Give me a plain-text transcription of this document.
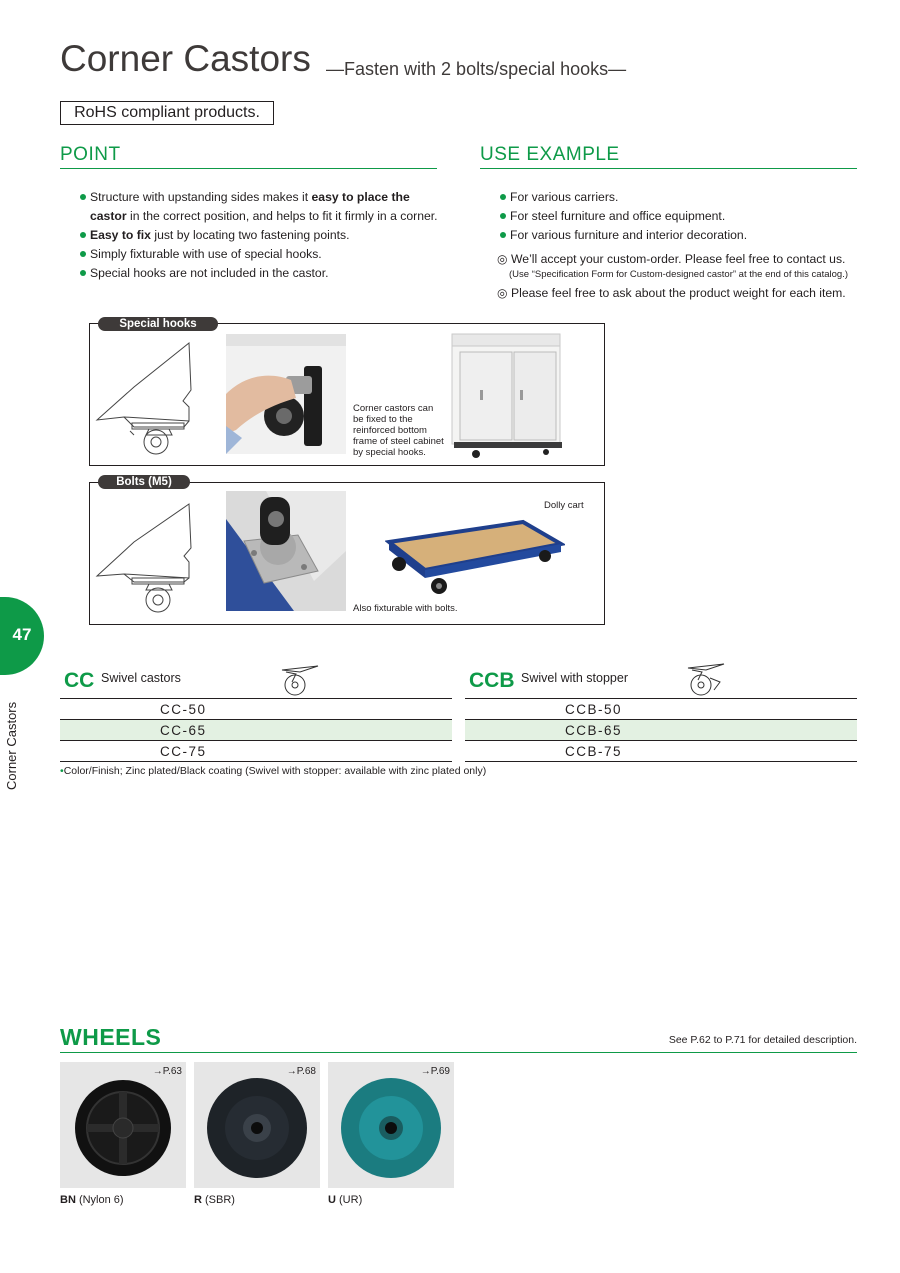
Corner Castors —Fasten with 2 bolts/special hooks—
RoHS compliant products.
POINT
Structure with upstanding sides makes it easy to place the castor in the correct position, and helps to fit it firmly in a corner.
Easy to fix just by locating two fastening points.
Simply fixturable with use of special hooks.
Special hooks are not included in the castor.
USE EXAMPLE
For various carriers.
For steel furniture and office equipment.
For various furniture and interior decoration.
◎ We’ll accept your custom-order. Please feel free to contact us.
(Use “Specification Form for Custom-designed castor” at the end of this catalog.)
◎ Please feel free to ask about the product weight for each item.
Special hooks
Corner castors can
be fixed to the
reinforced bottom
frame of steel cabinet
by special hooks.
Bolts (M5)
Dolly cart
Also fixturable with bolts.
47
Corner Castors
CC Swivel castors
CC-50
CC-65
CC-75
CCB Swivel with stopper
CCB-50
CCB-65
CCB-75
•Color/Finish; Zinc plated/Black coating (Swivel with stopper: available with zinc plated only)
WHEELS	See P.62 to P.71 for detailed description.
→P.63	→P.68	→P.69
BN (Nylon 6)	R (SBR)	U (UR)
